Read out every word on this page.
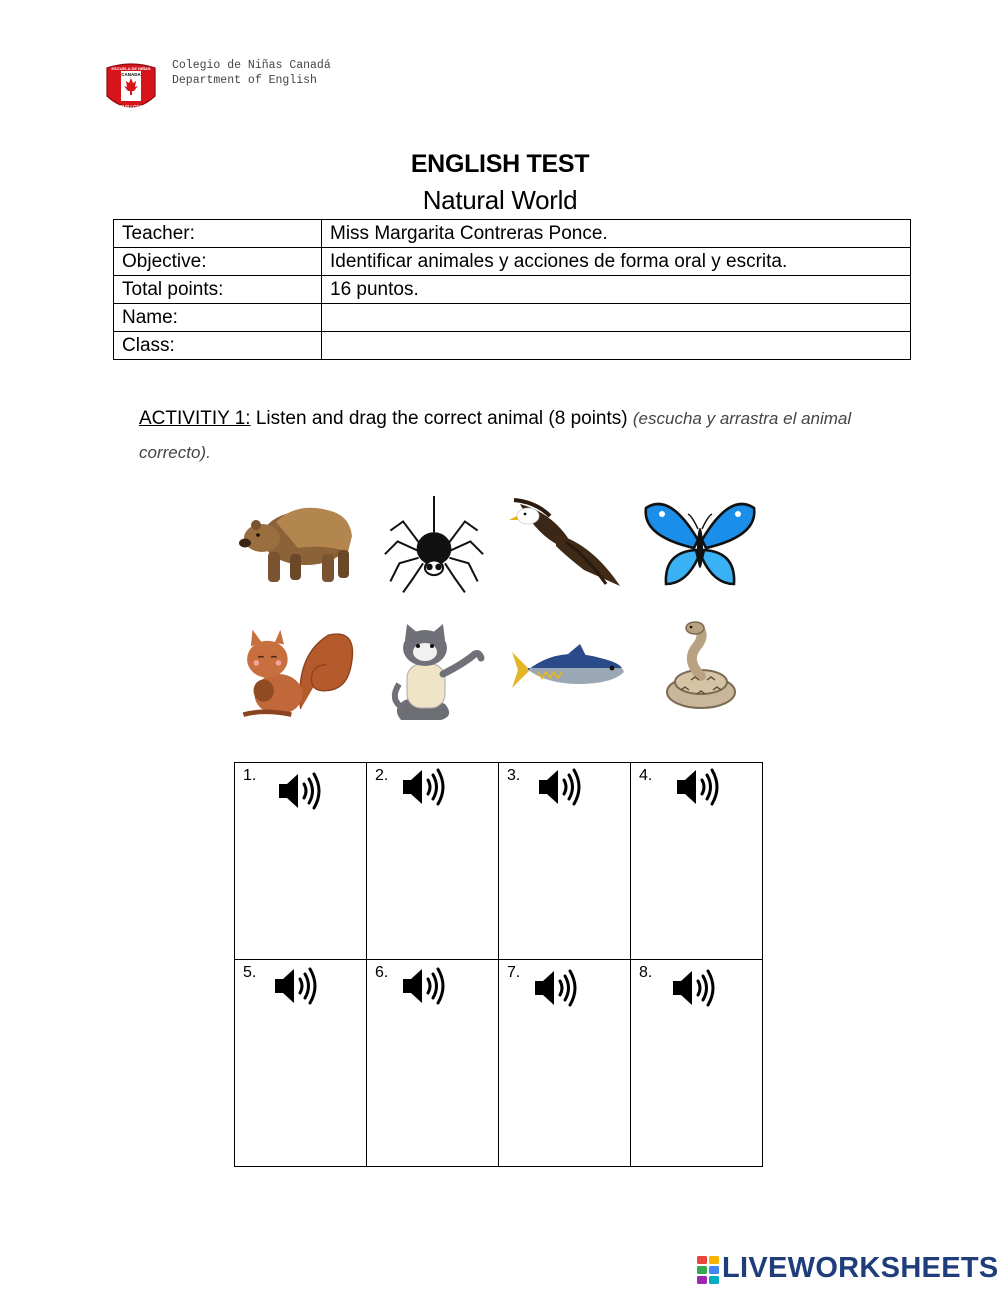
ESCUELA DE NIÑAS
CANADA
QUILLOTA
Colegio de Niñas Canadá
Department of English
ENGLISH TEST
Natural World
Teacher:	Miss Margarita Contreras Ponce.
Objective:	Identificar animales y acciones de forma oral y escrita.
Total points:	16 puntos.
Name:	
Class:	
ACTIVITIY 1: Listen and drag the correct animal (8 points) (escucha y arrastra el animal correcto).
1.	2.	3.	4.

5.	6.	7.	8.
LIVEWORKSHEETS
